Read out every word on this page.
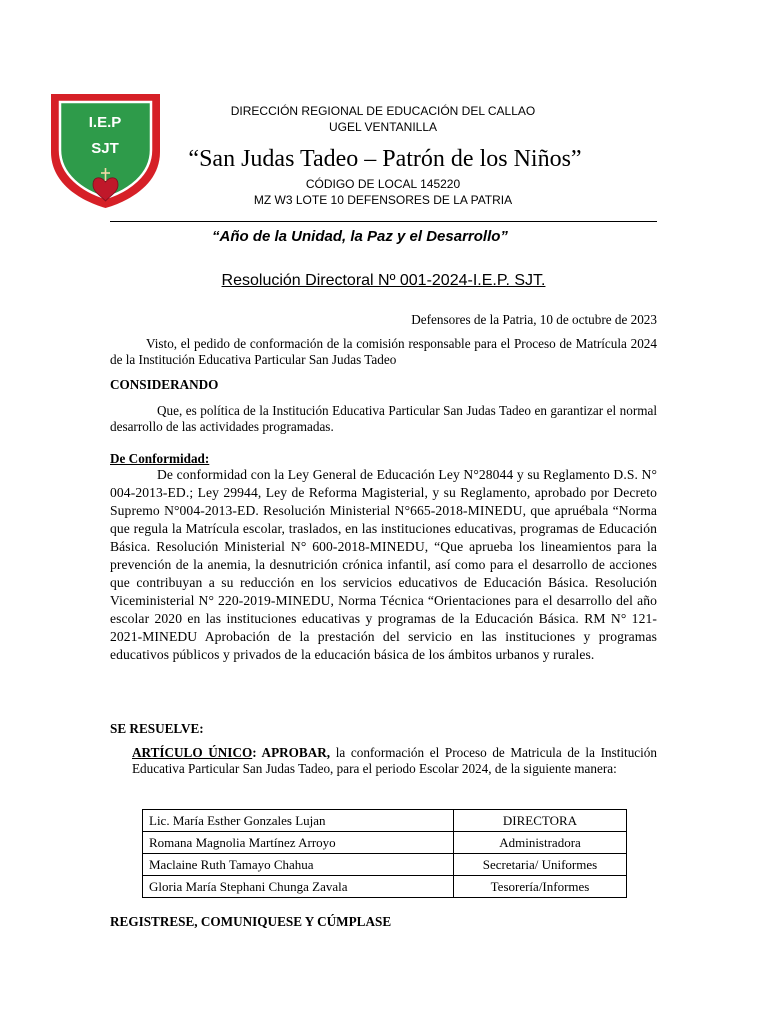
I.E.P SJT
DIRECCIÓN REGIONAL DE EDUCACIÓN DEL CALLAO
UGEL VENTANILLA
“San Judas Tadeo – Patrón de los Niños”
CÓDIGO DE LOCAL 145220
MZ W3 LOTE 10 DEFENSORES DE LA PATRIA
“Año de la Unidad, la Paz y el Desarrollo”
Resolución Directoral Nº 001-2024-I.E.P. SJT.
Defensores de la Patria, 10 de octubre de 2023
Visto, el pedido de conformación de la comisión responsable para el Proceso de Matrícula 2024 de la Institución Educativa Particular San Judas Tadeo
CONSIDERANDO
Que, es política de la Institución Educativa Particular San Judas Tadeo en garantizar el normal desarrollo de las actividades programadas.
De Conformidad:
De conformidad con la Ley General de Educación Ley N°28044 y su Reglamento D.S. N° 004-2013-ED.; Ley 29944, Ley de Reforma Magisterial, y su Reglamento, aprobado por Decreto Supremo N°004-2013-ED. Resolución Ministerial N°665-2018-MINEDU, que apruébala “Norma que regula la Matrícula escolar, traslados, en las instituciones educativas, programas de Educación Básica. Resolución Ministerial N° 600-2018-MINEDU, “Que aprueba los lineamientos para la prevención de la anemia, la desnutrición crónica infantil, así como para el desarrollo de acciones que contribuyan a su reducción en los servicios educativos de Educación Básica. Resolución Viceministerial N° 220-2019-MINEDU, Norma Técnica “Orientaciones para el desarrollo del año escolar 2020 en las instituciones educativas y programas de la Educación Básica. RM N° 121-2021-MINEDU Aprobación de la prestación del servicio en las instituciones y programas educativos públicos y privados de la educación básica de los ámbitos urbanos y rurales.
SE RESUELVE:
ARTÍCULO ÚNICO: APROBAR, la conformación el Proceso de Matricula de la Institución Educativa Particular San Judas Tadeo, para el periodo Escolar 2024, de la siguiente manera:
Lic. María Esther Gonzales Lujan	DIRECTORA
Romana Magnolia Martínez Arroyo	Administradora
Maclaine Ruth Tamayo Chahua	Secretaria/ Uniformes
Gloria María Stephani Chunga Zavala	Tesorería/Informes
REGISTRESE, COMUNIQUESE Y CÚMPLASE
